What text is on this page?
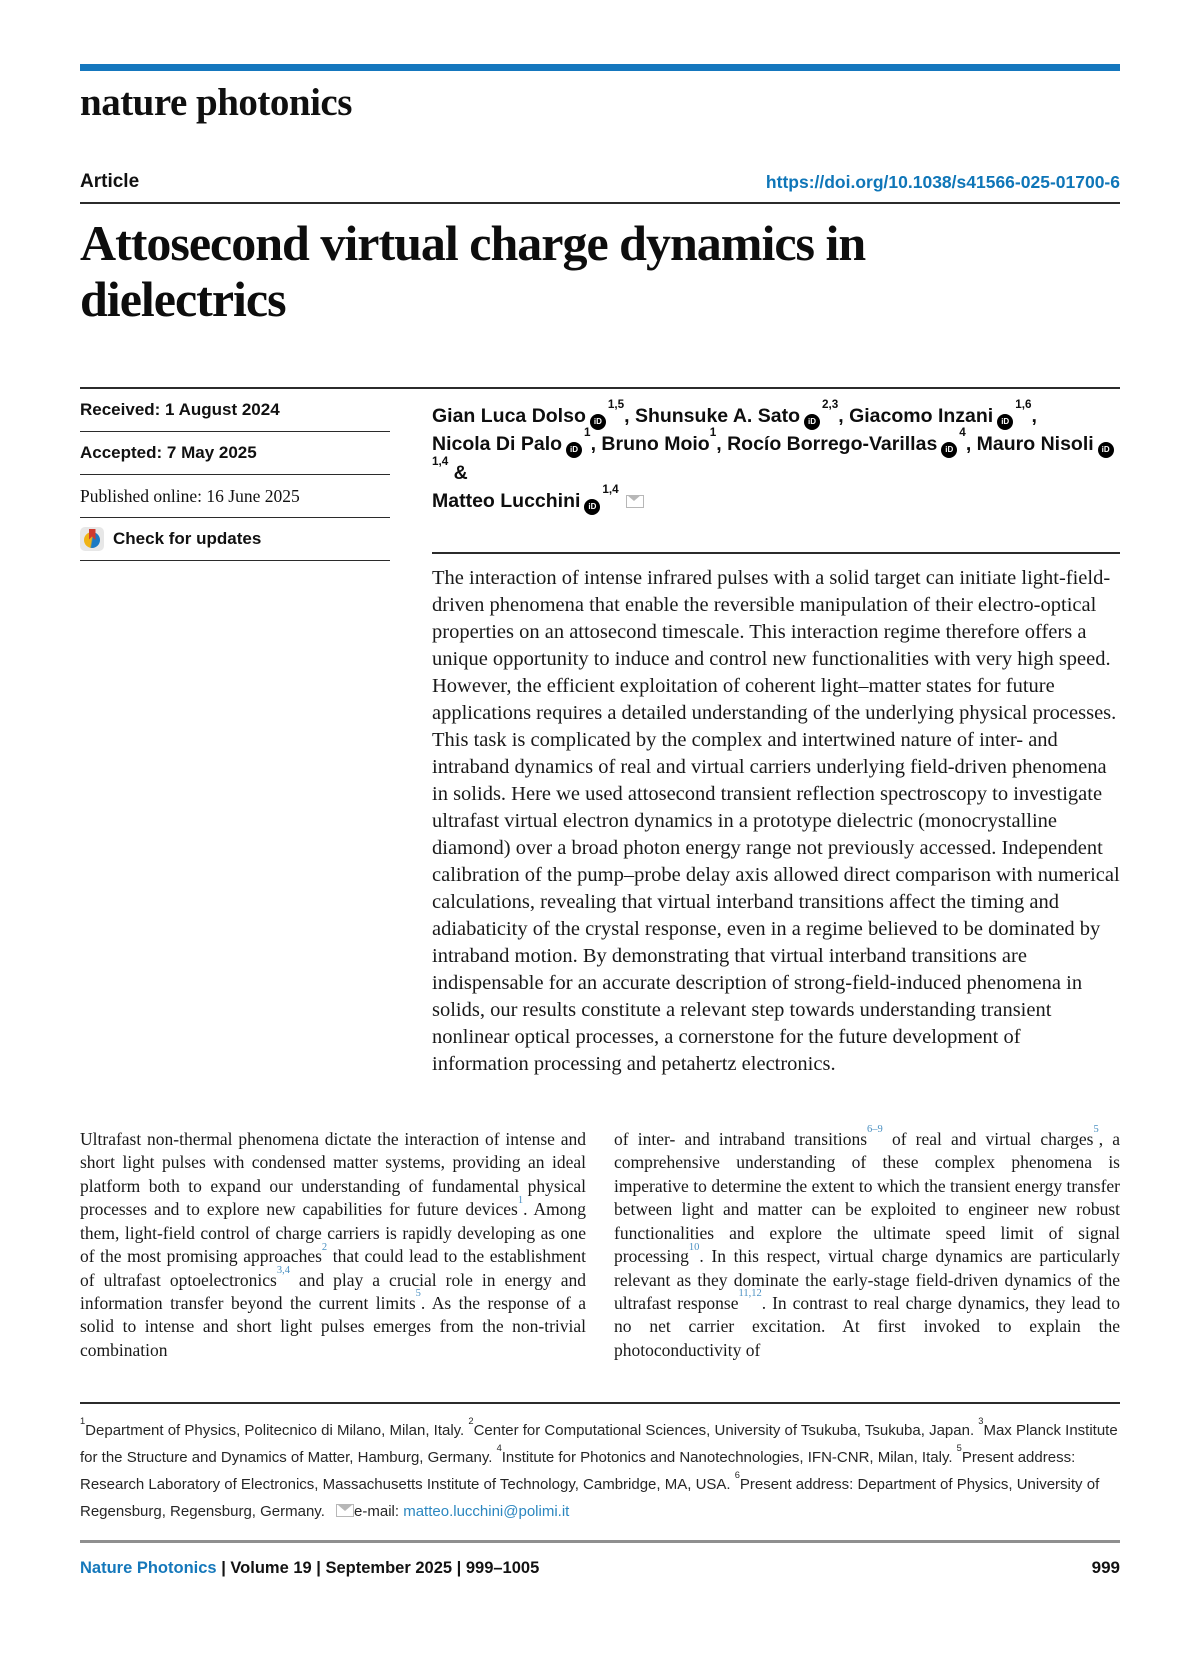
nature photonics
Article	https://doi.org/10.1038/s41566-025-01700-6
Attosecond virtual charge dynamics in dielectrics
Received: 1 August 2024
Accepted: 7 May 2025
Published online: 16 June 2025
Check for updates
Gian Luca Dolso iD$^{1,5}$, Shunsuke A. Sato iD$^{2,3}$, Giacomo Inzani iD$^{1,6}$,
Nicola Di Palo $iD^1$, Bruno Moio$^1$, Rocío Borrego-Varillas $iD^4$, Mauro Nisoli iD$^{1,4}$ &
Matteo Lucchini iD$^{1,4}$

The interaction of intense infrared pulses with a solid target can initiate light-field-driven phenomena that enable the reversible manipulation of their electro-optical properties on an attosecond timescale. This interaction regime therefore offers a unique opportunity to induce and control new functionalities with very high speed. However, the efficient exploitation of coherent light–matter states for future applications requires a detailed understanding of the underlying physical processes. This task is complicated by the complex and intertwined nature of inter- and intraband dynamics of real and virtual carriers underlying field-driven phenomena in solids. Here we used attosecond transient reflection spectroscopy to investigate ultrafast virtual electron dynamics in a prototype dielectric (monocrystalline diamond) over a broad photon energy range not previously accessed. Independent calibration of the pump–probe delay axis allowed direct comparison with numerical calculations, revealing that virtual interband transitions affect the timing and adiabaticity of the crystal response, even in a regime believed to be dominated by intraband motion. By demonstrating that virtual interband transitions are indispensable for an accurate description of strong-field-induced phenomena in solids, our results constitute a relevant step towards understanding transient nonlinear optical processes, a cornerstone for the future development of information processing and petahertz electronics.

Ultrafast non-thermal phenomena dictate the interaction of intense and short light pulses with condensed matter systems, providing an ideal platform both to expand our understanding of fundamental physical processes and to explore new capabilities for future devices$^1$. Among them, light-field control of charge carriers is rapidly developing as one of the most promising approaches$^2$ that could lead to the establishment of ultrafast optoelectronics$^{3,4}$ and play a crucial role in energy and information transfer beyond the current limits$^5$. As the response of a solid to intense and short light pulses emerges from the non-trivial combination
of inter- and intraband transitions$^{6-9}$ of real and virtual charges$^5$, a comprehensive understanding of these complex phenomena is imperative to determine the extent to which the transient energy transfer between light and matter can be exploited to engineer new robust functionalities and explore the ultimate speed limit of signal processing$^{10}$. In this respect, virtual charge dynamics are particularly relevant as they dominate the early-stage field-driven dynamics of the ultrafast response$^{11,12}$. In contrast to real charge dynamics, they lead to no net carrier excitation. At first invoked to explain the photoconductivity of
$^1$Department of Physics, Politecnico di Milano, Milan, Italy. $^2$Center for Computational Sciences, University of Tsukuba, Tsukuba, Japan. $^3$Max Planck Institute for the Structure and Dynamics of Matter, Hamburg, Germany. $^4$Institute for Photonics and Nanotechnologies, IFN-CNR, Milan, Italy. $^5$Present address: Research Laboratory of Electronics, Massachusetts Institute of Technology, Cambridge, MA, USA. $^6$Present address: Department of Physics, University of Regensburg, Regensburg, Germany. e-mail: matteo.lucchini@polimi.it
Nature Photonics | Volume 19 | September 2025 | 999–1005	999
